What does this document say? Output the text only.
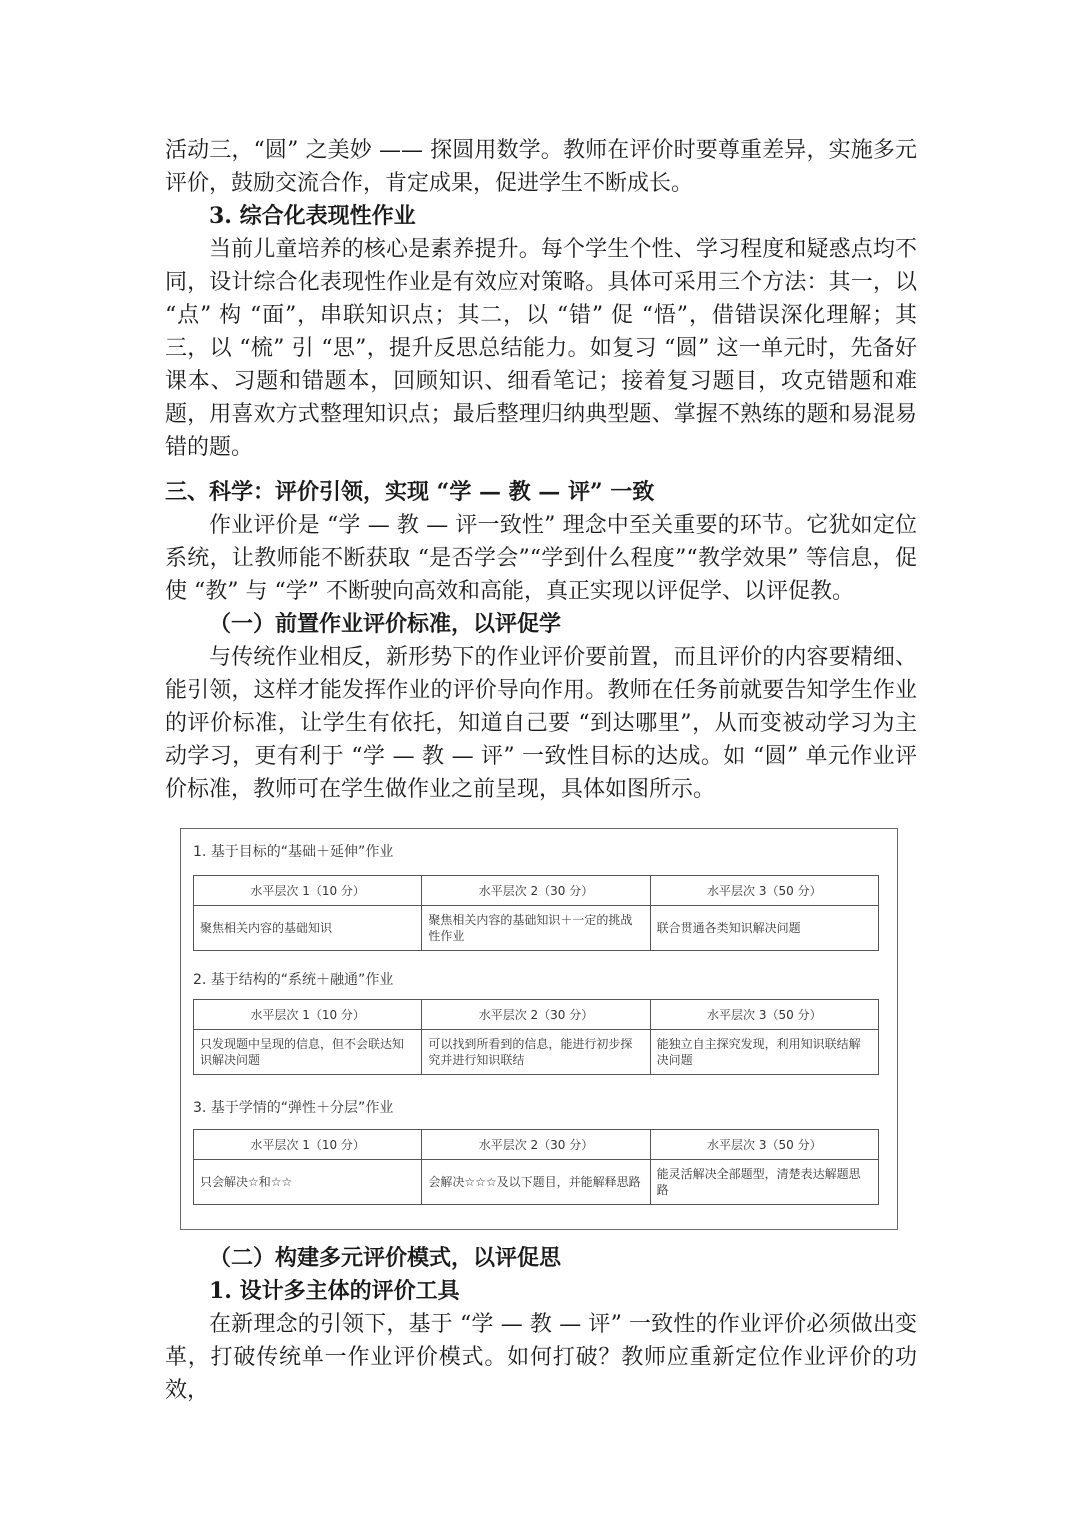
活动三，“圆” 之美妙 —— 探圆用数学。教师在评价时要尊重差异，实施多元评价，鼓励交流合作，肯定成果，促进学生不断成长。

3. 综合化表现性作业

当前儿童培养的核心是素养提升。每个学生个性、学习程度和疑惑点均不同，设计综合化表现性作业是有效应对策略。具体可采用三个方法：其一，以 “点” 构 “面”，串联知识点；其二，以 “错” 促 “悟”，借错误深化理解；其三，以 “梳” 引 “思”，提升反思总结能力。如复习 “圆” 这一单元时，先备好课本、习题和错题本，回顾知识、细看笔记；接着复习题目，攻克错题和难题，用喜欢方式整理知识点；最后整理归纳典型题、掌握不熟练的题和易混易错的题。

三、科学：评价引领，实现 “学 — 教 — 评” 一致

作业评价是 “学 — 教 — 评一致性” 理念中至关重要的环节。它犹如定位系统，让教师能不断获取 “是否学会”“学到什么程度”“教学效果” 等信息，促使 “教” 与 “学” 不断驶向高效和高能，真正实现以评促学、以评促教。

（一）前置作业评价标准，以评促学

与传统作业相反，新形势下的作业评价要前置，而且评价的内容要精细、能引领，这样才能发挥作业的评价导向作用。教师在任务前就要告知学生作业的评价标准，让学生有依托，知道自己要 “到达哪里”，从而变被动学习为主动学习，更有利于 “学 — 教 — 评” 一致性目标的达成。如 “圆” 单元作业评价标准，教师可在学生做作业之前呈现，具体如图所示。

1. 基于目标的“基础＋延伸”作业
水平层次 1（10 分）	水平层次 2（30 分）	水平层次 3（50 分）
聚焦相关内容的基础知识	聚焦相关内容的基础知识＋一定的挑战性作业	联合贯通各类知识解决问题
2. 基于结构的“系统＋融通”作业
水平层次 1（10 分）	水平层次 2（30 分）	水平层次 3（50 分）
只发现题中呈现的信息，但不会联达知识解决问题	可以找到所看到的信息，能进行初步探究并进行知识联结	能独立自主探究发现，利用知识联结解决问题
3. 基于学情的“弹性＋分层”作业
水平层次 1（10 分）	水平层次 2（30 分）	水平层次 3（50 分）
只会解决☆和☆☆	会解决☆☆☆及以下题目，并能解释思路	能灵活解决全部题型，清楚表达解题思路

（二）构建多元评价模式，以评促思

1. 设计多主体的评价工具

在新理念的引领下，基于 “学 — 教 — 评” 一致性的作业评价必须做出变革，打破传统单一作业评价模式。如何打破？教师应重新定位作业评价的功效，
